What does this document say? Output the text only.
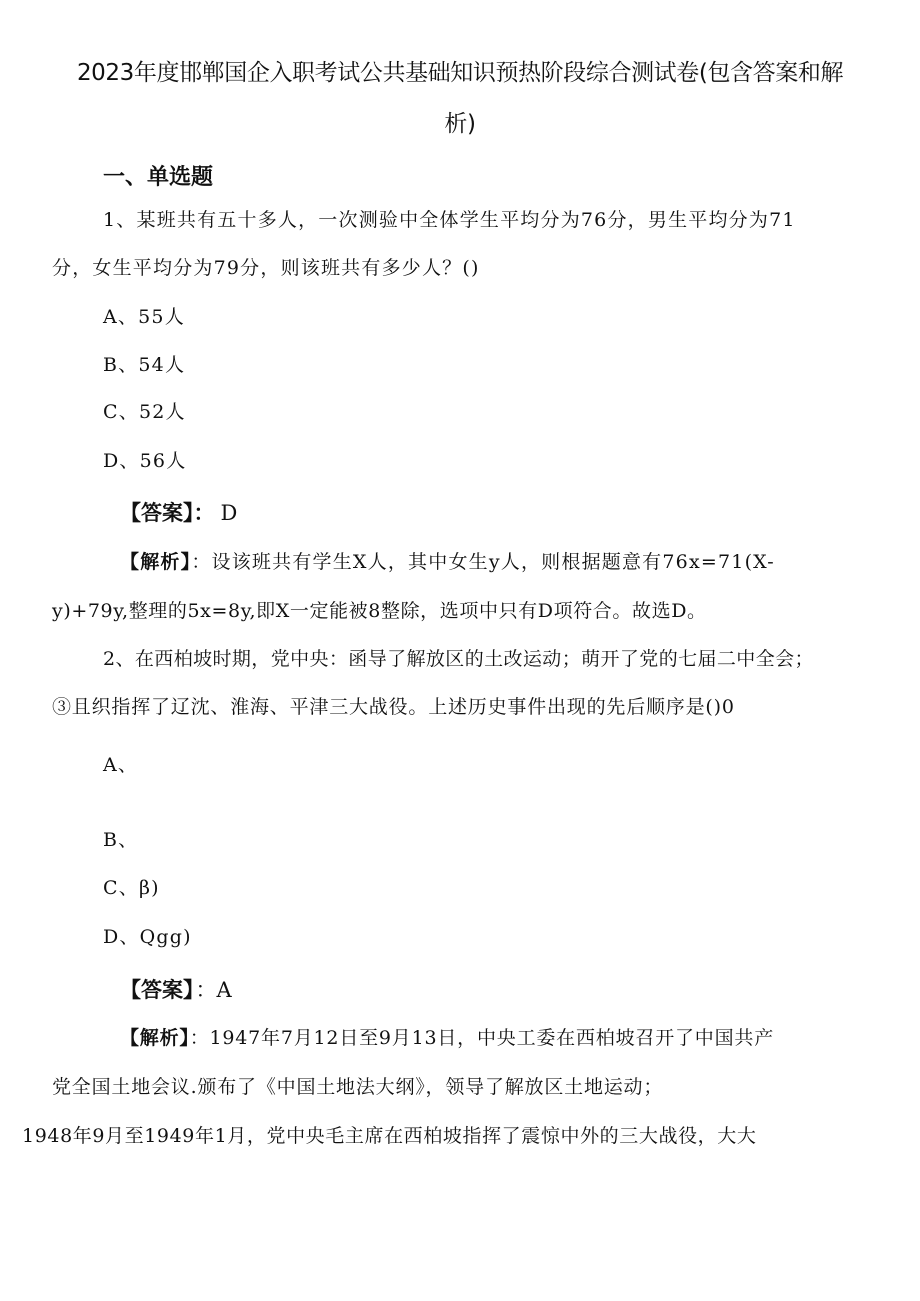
2023年度邯郸国企入职考试公共基础知识预热阶段综合测试卷(包含答案和解
析)
一、单选题
1、某班共有五十多人，一次测验中全体学生平均分为76分，男生平均分为71
分，女生平均分为79分，则该班共有多少人？()
A、55人
B、54人
C、52人
D、56人
【答案】： D
【解析】：设该班共有学生X人，其中女生y人，则根据题意有76x=71(X-
y)+79y,整理的5x=8y,即X一定能被8整除，选项中只有D项符合。故选D。
2、在西柏坡时期，党中央：函导了解放区的土改运动；萌开了党的七届二中全会；
③且织指挥了辽沈、淮海、平津三大战役。上述历史事件出现的先后顺序是()0
A、
B、
C、β)
D、Qgg)
【答案】：A
【解析】：1947年7月12日至9月13日，中央工委在西柏坡召开了中国共产
党全国土地会议.颁布了《中国土地法大纲》，领导了解放区土地运动；
1948年9月至1949年1月，党中央毛主席在西柏坡指挥了震惊中外的三大战役，大大
